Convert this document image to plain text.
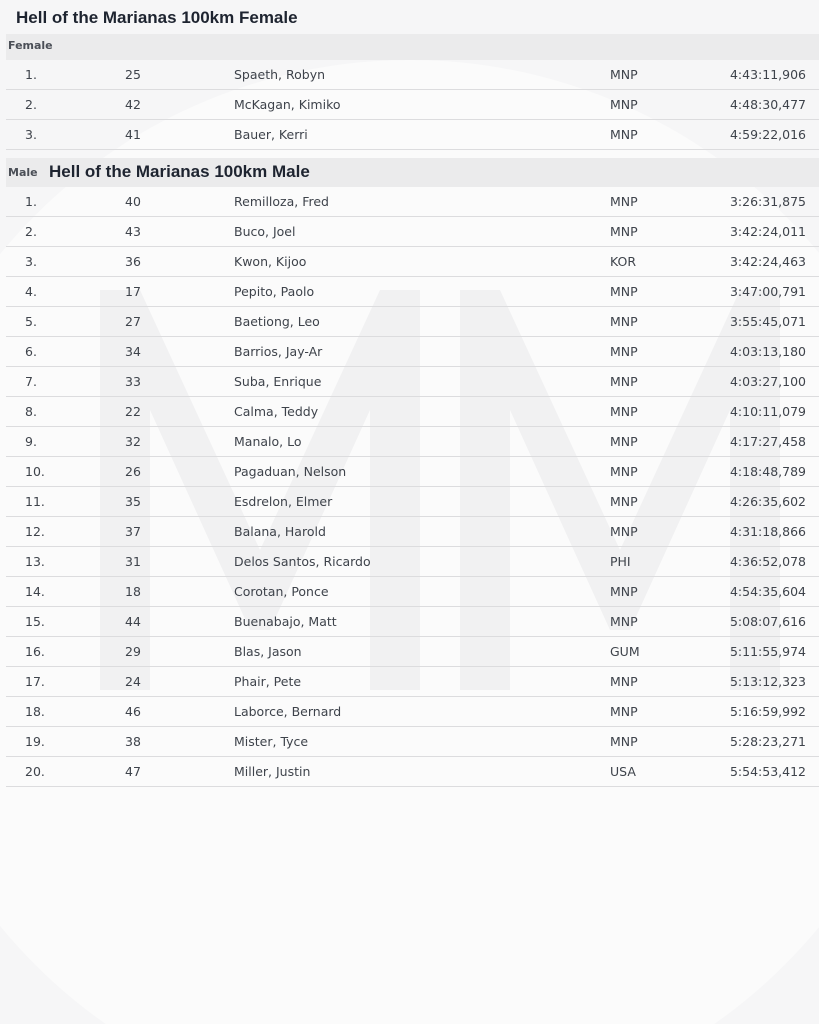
Hell of the Marianas 100km Female
Female
1.	25	Spaeth, Robyn	MNP	4:43:11,906
2.	42	McKagan, Kimiko	MNP	4:48:30,477
3.	41	Bauer, Kerri	MNP	4:59:22,016
Male Hell of the Marianas 100km Male
1.	40	Remilloza, Fred	MNP	3:26:31,875
2.	43	Buco, Joel	MNP	3:42:24,011
3.	36	Kwon, Kijoo	KOR	3:42:24,463
4.	17	Pepito, Paolo	MNP	3:47:00,791
5.	27	Baetiong, Leo	MNP	3:55:45,071
6.	34	Barrios, Jay-Ar	MNP	4:03:13,180
7.	33	Suba, Enrique	MNP	4:03:27,100
8.	22	Calma, Teddy	MNP	4:10:11,079
9.	32	Manalo, Lo	MNP	4:17:27,458
10.	26	Pagaduan, Nelson	MNP	4:18:48,789
11.	35	Esdrelon, Elmer	MNP	4:26:35,602
12.	37	Balana, Harold	MNP	4:31:18,866
13.	31	Delos Santos, Ricardo	PHI	4:36:52,078
14.	18	Corotan, Ponce	MNP	4:54:35,604
15.	44	Buenabajo, Matt	MNP	5:08:07,616
16.	29	Blas, Jason	GUM	5:11:55,974
17.	24	Phair, Pete	MNP	5:13:12,323
18.	46	Laborce, Bernard	MNP	5:16:59,992
19.	38	Mister, Tyce	MNP	5:28:23,271
20.	47	Miller, Justin	USA	5:54:53,412
